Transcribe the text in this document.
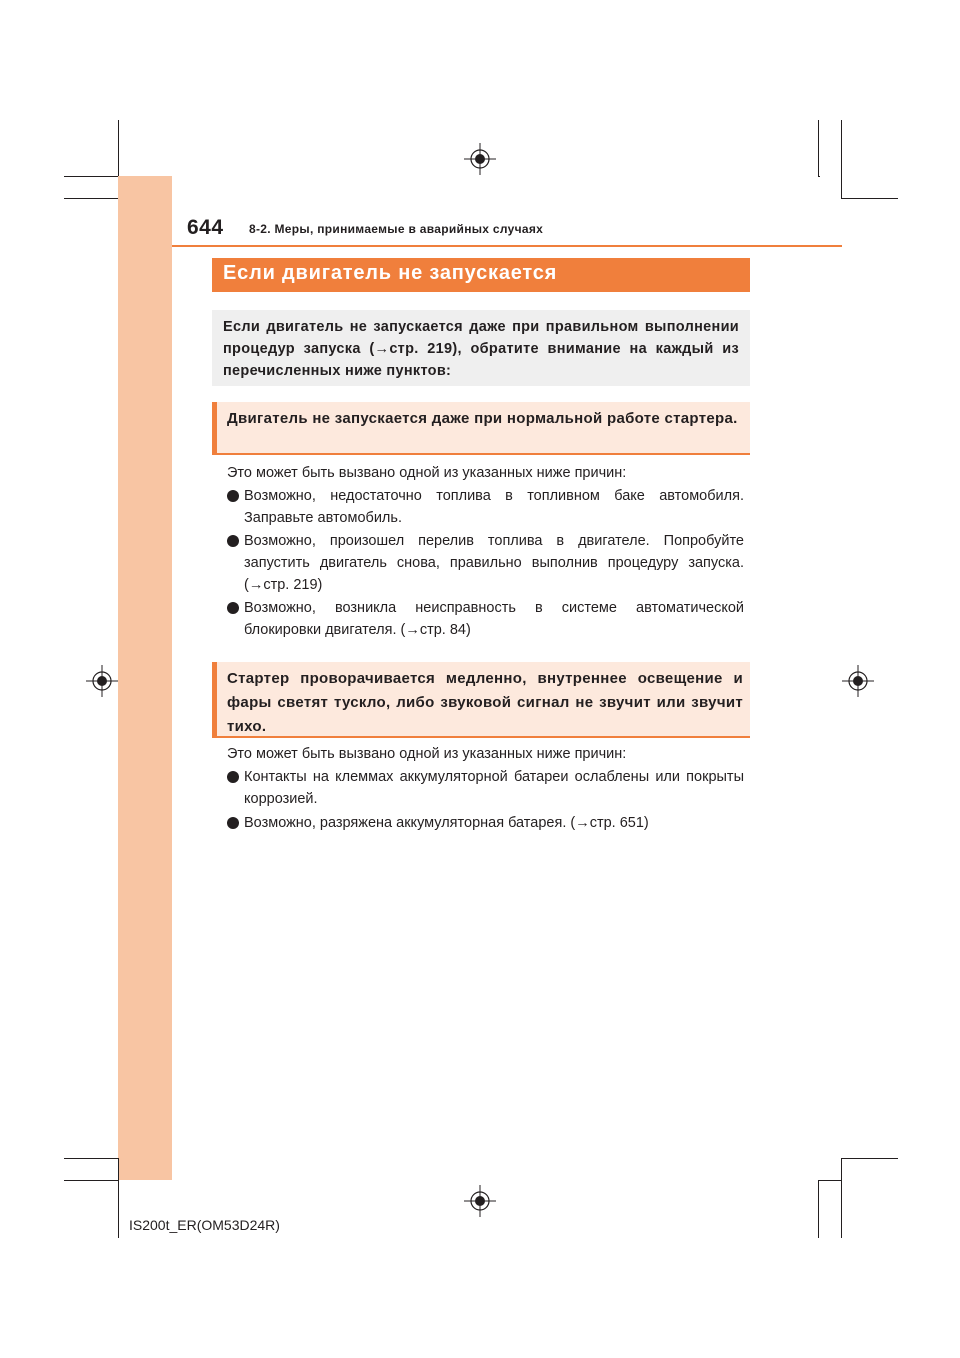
644 8-2. Меры, принимаемые в аварийных случаях
Если двигатель не запускается

Если двигатель не запускается даже при правильном выполнении процедур запуска (→стр. 219), обратите внимание на каждый из перечисленных ниже пунктов:

Двигатель не запускается даже при нормальной работе стартера.

Это может быть вызвано одной из указанных ниже причин:
Возможно, недостаточно топлива в топливном баке автомобиля. Заправьте автомобиль.
Возможно, произошел перелив топлива в двигателе. Попробуйте запустить двигатель снова, правильно выполнив процедуру запуска. (→стр. 219)
Возможно, возникла неисправность в системе автоматической блокировки двигателя. (→стр. 84)

Стартер проворачивается медленно, внутреннее освещение и фары светят тускло, либо звуковой сигнал не звучит или звучит тихо.

Это может быть вызвано одной из указанных ниже причин:
Контакты на клеммах аккумуляторной батареи ослаблены или покрыты коррозией.
Возможно, разряжена аккумуляторная батарея. (→стр. 651)
IS200t_ER(OM53D24R)
